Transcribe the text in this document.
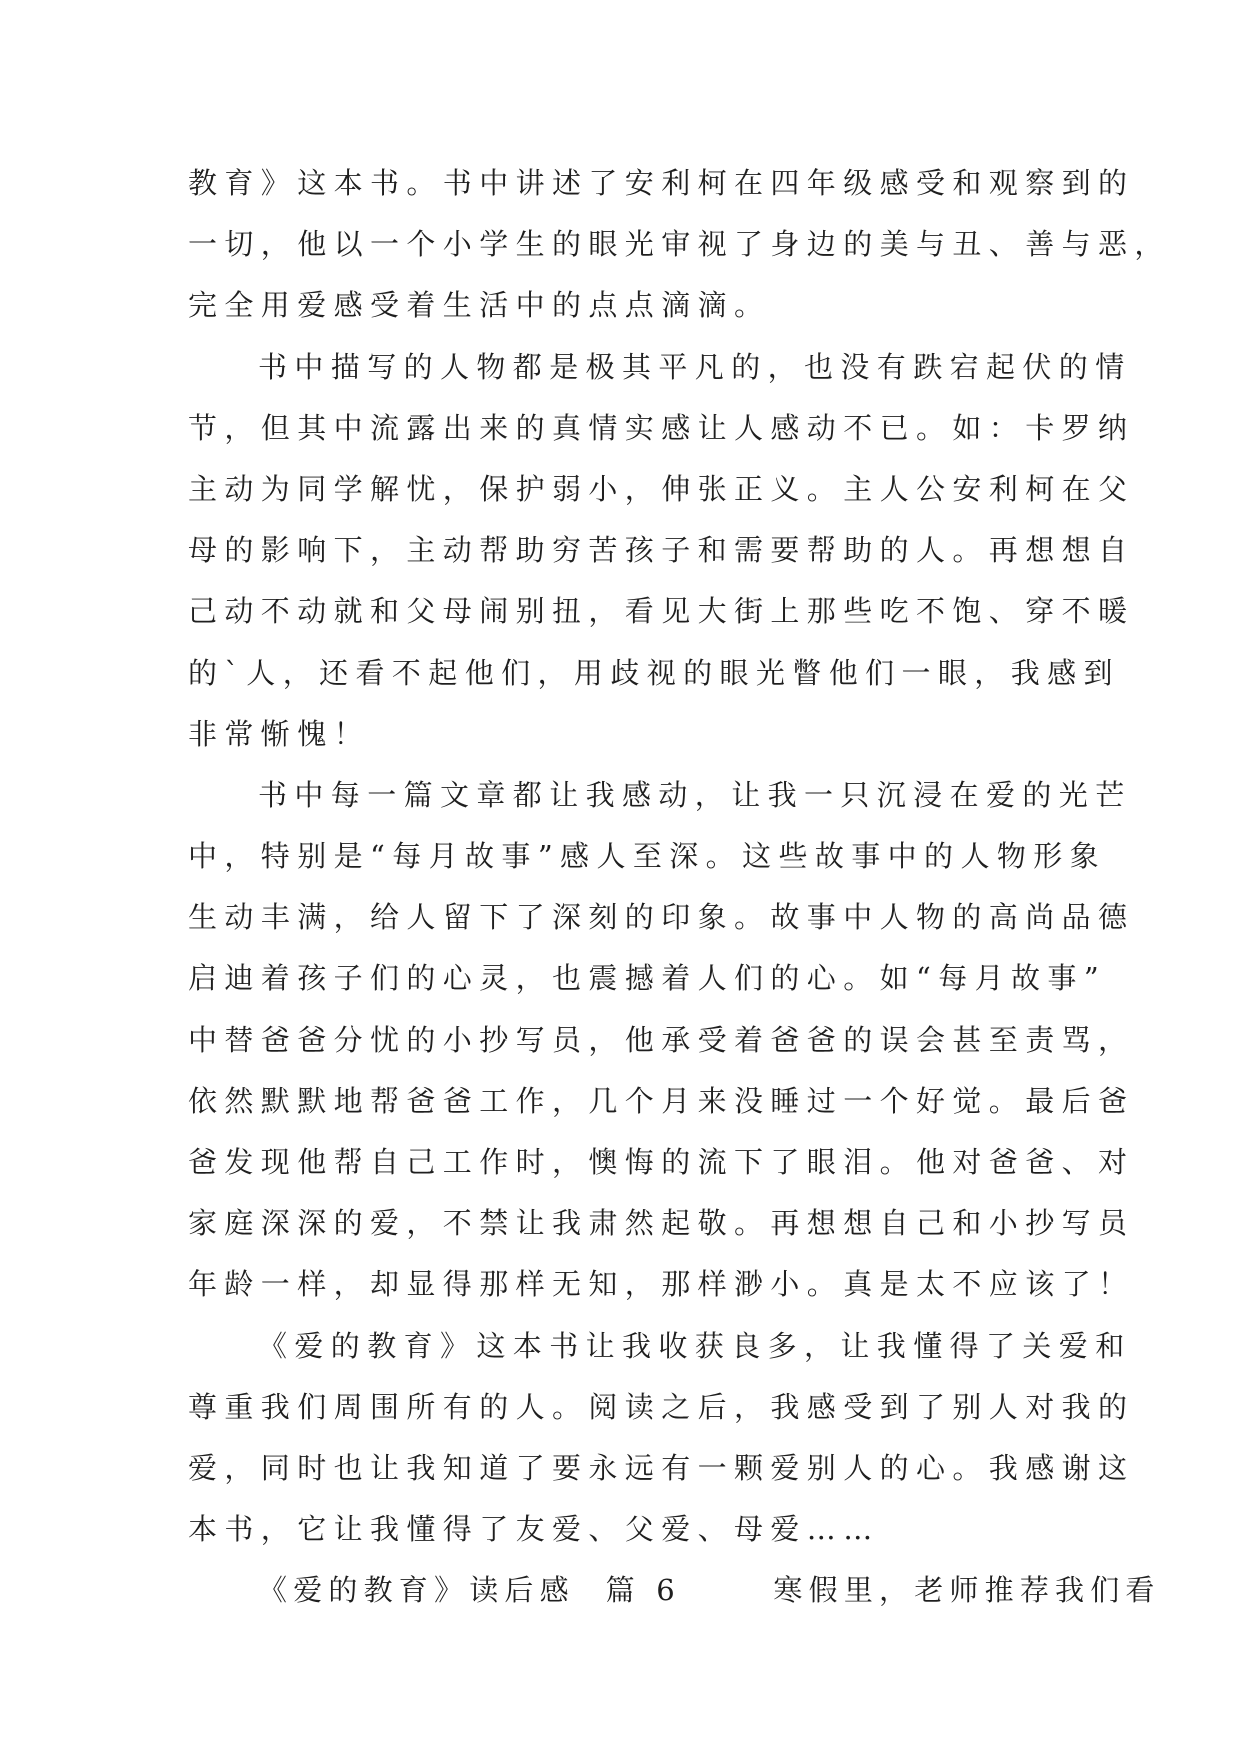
教育》这本书。书中讲述了安利柯在四年级感受和观察到的
一切，他以一个小学生的眼光审视了身边的美与丑、善与恶，
完全用爱感受着生活中的点点滴滴。
书中描写的人物都是极其平凡的，也没有跌宕起伏的情
节，但其中流露出来的真情实感让人感动不已。如：卡罗纳
主动为同学解忧，保护弱小，伸张正义。主人公安利柯在父
母的影响下，主动帮助穷苦孩子和需要帮助的人。再想想自
己动不动就和父母闹别扭，看见大街上那些吃不饱、穿不暖
的`人，还看不起他们，用歧视的眼光瞥他们一眼，我感到
非常惭愧！
书中每一篇文章都让我感动，让我一只沉浸在爱的光芒
中，特别是“每月故事”感人至深。这些故事中的人物形象
生动丰满，给人留下了深刻的印象。故事中人物的高尚品德
启迪着孩子们的心灵，也震撼着人们的心。如“每月故事”
中替爸爸分忧的小抄写员，他承受着爸爸的误会甚至责骂，
依然默默地帮爸爸工作，几个月来没睡过一个好觉。最后爸
爸发现他帮自己工作时，懊悔的流下了眼泪。他对爸爸、对
家庭深深的爱，不禁让我肃然起敬。再想想自己和小抄写员
年龄一样，却显得那样无知，那样渺小。真是太不应该了！
《爱的教育》这本书让我收获良多，让我懂得了关爱和
尊重我们周围所有的人。阅读之后，我感受到了别人对我的
爱，同时也让我知道了要永远有一颗爱别人的心。我感谢这
本书，它让我懂得了友爱、父爱、母爱……
《爱的教育》读后感  篇 6      寒假里，老师推荐我们看
